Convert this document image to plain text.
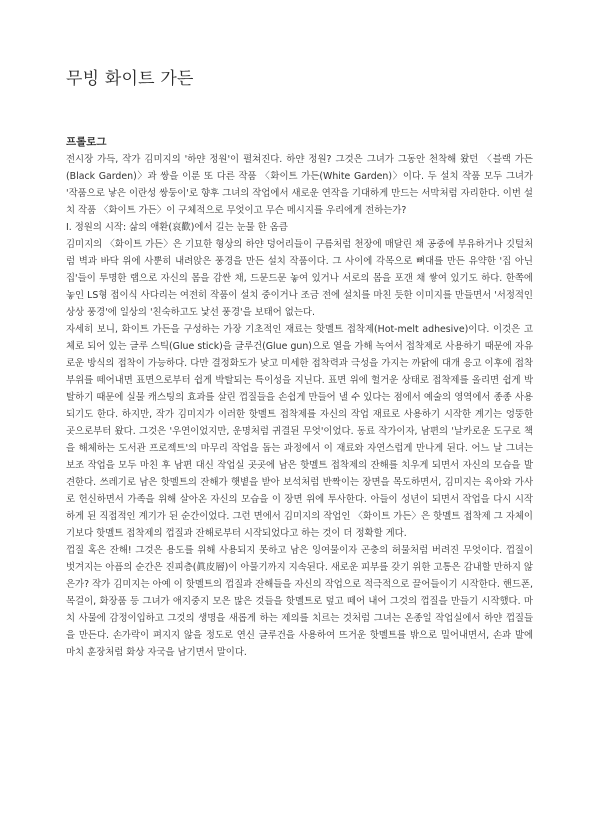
무빙 화이트 가든
프롤로그

전시장 가득, 작가 김미지의 '하얀 정원'이 펼쳐진다. 하얀 정원? 그것은 그녀가 그동안 천착해 왔던 〈블랙 가든(Black Garden)〉과 쌍을 이룬 또 다른 작품 〈화이트 가든(White Garden)〉이다. 두 설치 작품 모두 그녀가 '작품으로 낳은 이란성 쌍둥이'로 향후 그녀의 작업에서 새로운 연작을 기대하게 만드는 서막처럼 자리한다. 이번 설치 작품 〈화이트 가든〉이 구체적으로 무엇이고 무슨 메시지를 우리에게 전하는가?

I. 정원의 시작: 삶의 애환(哀歡)에서 길는 눈물 한 옴큼

김미지의 〈화이트 가든〉은 기묘한 형상의 하얀 덩어리들이 구름처럼 천장에 매달린 채 공중에 부유하거나 깃털처럼 벽과 바닥 위에 사뿐히 내려앉은 풍경을 만든 설치 작품이다. 그 사이에 각목으로 뼈대를 만든 유약한 '집 아닌 집'들이 투명한 랩으로 자신의 몸을 감싼 채, 드문드문 놓여 있거나 서로의 몸을 포갠 채 쌓여 있기도 하다. 한쪽에 놓인 LS형 접이식 사다리는 여전히 작품이 설치 중이거나 조금 전에 설치를 마친 듯한 이미지를 만들면서 '서정적인 상상 풍경'에 일상의 '친숙하고도 낯선 풍경'을 보태어 없는다.

자세히 보니, 화이트 가든을 구성하는 가장 기초적인 재료는 핫멜트 접착제(Hot-melt adhesive)이다. 이것은 고체로 되어 있는 글루 스틱(Glue stick)을 글루건(Glue gun)으로 열을 가해 녹여서 접착제로 사용하기 때문에 자유로운 방식의 접착이 가능하다. 다만 결정화도가 낮고 미세한 접착력과 극성을 가지는 까닭에 대개 응고 이후에 접착 부위를 떼어내면 표면으로부터 쉽게 박탈되는 특이성을 지닌다. 표면 위에 헐거운 상태로 접착제를 올리면 쉽게 박탈하기 때문에 실물 캐스팅의 효과를 살린 껍질들을 손쉽게 만들어 낼 수 있다는 점에서 예술의 영역에서 종종 사용되기도 한다. 하지만, 작가 김미지가 이러한 핫멜트 접착제를 자신의 작업 재료로 사용하기 시작한 계기는 엉뚱한 곳으로부터 왔다. 그것은 '우연이었지만, 운명처럼 귀결된 무엇'이었다. 동료 작가이자, 남편의 '날카로운 도구로 책을 해체하는 도서관 프로젝트'의 마무리 작업을 돕는 과정에서 이 재료와 자연스럽게 만나게 된다. 어느 날 그녀는 보조 작업을 모두 마친 후 남편 대신 작업실 곳곳에 남은 핫멜트 접착제의 잔해를 치우게 되면서 자신의 모습을 발견한다. 쓰레기로 남은 핫멜트의 잔해가 햇볕을 받아 보석처럼 반짝이는 장면을 목도하면서, 김미지는 육아와 가사로 헌신하면서 가족을 위해 살아온 자신의 모습을 이 장면 위에 투사한다. 아들이 성년이 되면서 작업을 다시 시작하게 된 직접적인 계기가 된 순간이었다. 그런 면에서 김미지의 작업인 〈화이트 가든〉은 핫멜트 접착제 그 자체이기보다 핫멜트 접착제의 껍질과 잔해로부터 시작되었다고 하는 것이 더 정확할 게다.

껍질 혹은 잔해! 그것은 용도를 위해 사용되지 못하고 남은 잉여물이자 곤충의 허물처럼 버려진 무엇이다. 껍질이 벗겨지는 아픔의 순간은 진피층(眞皮層)이 아물기까지 지속된다. 새로운 피부를 갖기 위한 고통은 감내할 만하지 않은가? 작가 김미지는 아예 이 핫멜트의 껍질과 잔해들을 자신의 작업으로 적극적으로 끌어들이기 시작한다. 핸드폰, 목걸이, 화장품 등 그녀가 애지중지 모은 많은 것들을 핫멜트로 덮고 떼어 내어 그것의 껍질을 만들기 시작했다. 마치 사물에 감정이입하고 그것의 생명을 새롭게 하는 제의를 치르는 것처럼 그녀는 온종일 작업실에서 하얀 껍질들을 만든다. 손가락이 펴지지 않을 정도로 연신 글루건을 사용하여 뜨거운 핫멜트를 밖으로 밀어내면서, 손과 발에 마치 훈장처럼 화상 자국을 남기면서 말이다.
